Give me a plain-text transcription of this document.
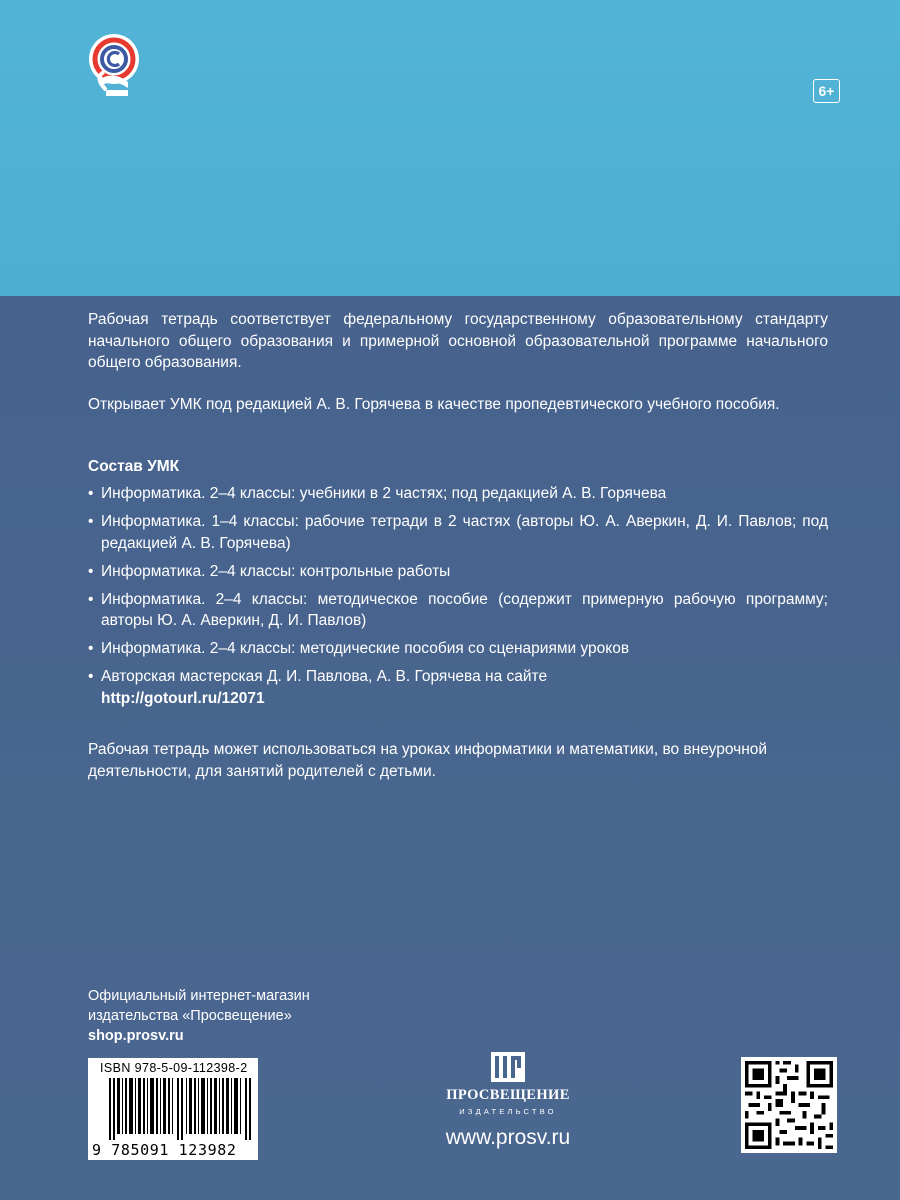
6+
Рабочая тетрадь соответствует федеральному государственному образовательному стандарту начального общего образования и примерной основной образовательной программе начального общего образования.
Открывает УМК под редакцией А. В. Горячева в качестве пропедевтического учебного пособия.
Состав УМК
• Информатика. 2–4 классы: учебники в 2 частях; под редакцией А. В. Горячева
• Информатика. 1–4 классы: рабочие тетради в 2 частях (авторы Ю. А. Аверкин, Д. И. Павлов; под редакцией А. В. Горячева)
• Информатика. 2–4 классы: контрольные работы
• Информатика. 2–4 классы: методическое пособие (содержит примерную рабочую программу; авторы Ю. А. Аверкин, Д. И. Павлов)
• Информатика. 2–4 классы: методические пособия со сценариями уроков
• Авторская мастерская Д. И. Павлова, А. В. Горячева на сайте
http://gotourl.ru/12071
Рабочая тетрадь может использоваться на уроках информатики и математики, во внеурочной деятельности, для занятий родителей с детьми.
Официальный интернет-магазин
издательства «Просвещение»
shop.prosv.ru
ISBN 978-5-09-112398-2
9 785091 123982
ПРОСВЕЩЕНИЕ
ИЗДАТЕЛЬСТВО
www.prosv.ru
